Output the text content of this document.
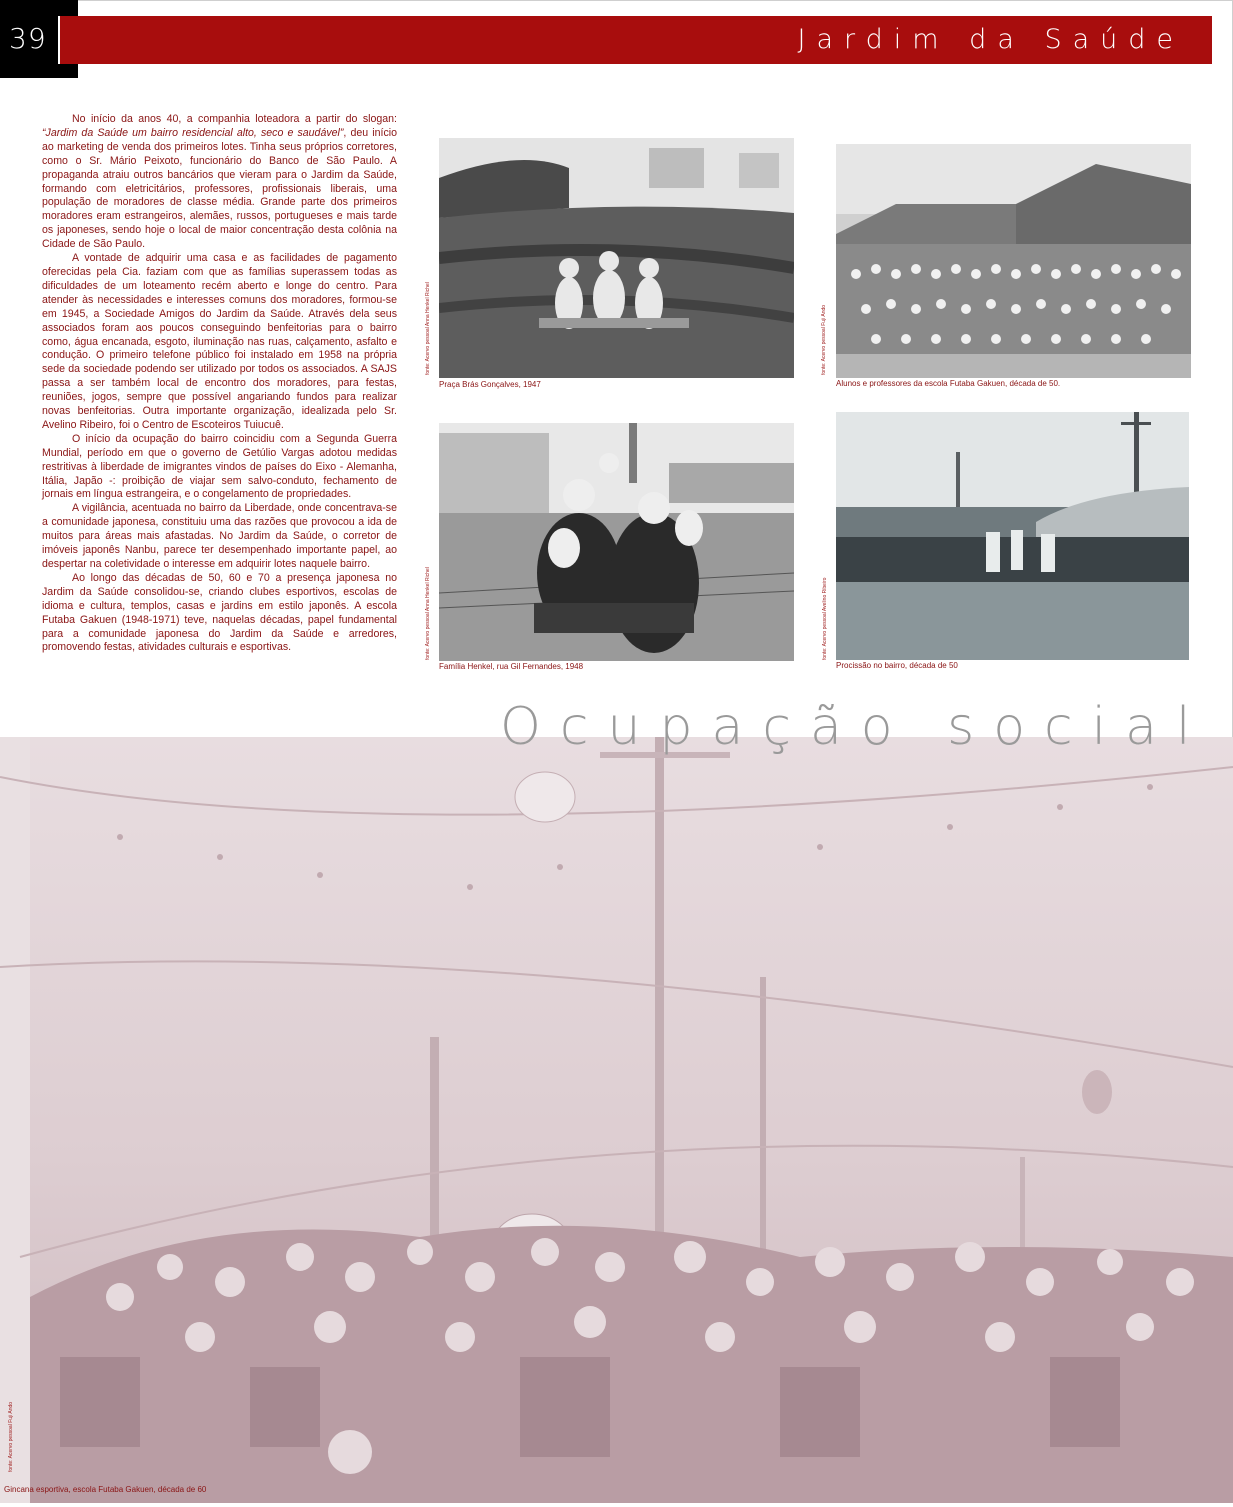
39	Jardim da Saúde

No início da anos 40, a companhia loteadora a partir do slogan: “Jardim da Saúde um bairro residencial alto, seco e saudável”, deu início ao marketing de venda dos primeiros lotes. Tinha seus próprios corretores, como o Sr. Mário Peixoto, funcionário do Banco de São Paulo. A propaganda atraiu outros bancários que vieram para o Jardim da Saúde, formando com eletricitários, professores, profissionais liberais, uma população de moradores de classe média. Grande parte dos primeiros moradores eram estrangeiros, alemães, russos, portugueses e mais tarde os japoneses, sendo hoje o local de maior concentração desta colônia na Cidade de São Paulo.

A vontade de adquirir uma casa e as facilidades de pagamento oferecidas pela Cia. faziam com que as famílias superassem todas as dificuldades de um loteamento recém aberto e longe do centro. Para atender às necessidades e interesses comuns dos moradores, formou-se em 1945, a Sociedade Amigos do Jardim da Saúde. Através dela seus associados foram aos poucos conseguindo benfeitorias para o bairro como, água encanada, esgoto, iluminação nas ruas, calçamento, asfalto e condução. O primeiro telefone público foi instalado em 1958 na própria sede da sociedade podendo ser utilizado por todos os associados. A SAJS passa a ser também local de encontro dos moradores, para festas, reuniões, jogos, sempre que possível angariando fundos para realizar novas benfeitorias. Outra importante organização, idealizada pelo Sr. Avelino Ribeiro, foi o Centro de Escoteiros Tuiucuê.

O início da ocupação do bairro coincidiu com a Segunda Guerra Mundial, período em que o governo de Getúlio Vargas adotou medidas restritivas à liberdade de imigrantes vindos de países do Eixo - Alemanha, Itália, Japão -: proibição de viajar sem salvo-conduto, fechamento de jornais em língua estrangeira, e o congelamento de propriedades.

A vigilância, acentuada no bairro da Liberdade, onde concentrava-se a comunidade japonesa, constituiu uma das razões que provocou a ida de muitos para áreas mais afastadas. No Jardim da Saúde, o corretor de imóveis japonês Nanbu, parece ter desempenhado importante papel, ao despertar na coletividade o interesse em adquirir lotes naquele bairro.

Ao longo das décadas de 50, 60 e 70 a presença japonesa no Jardim da Saúde consolidou-se, criando clubes esportivos, escolas de idioma e cultura, templos, casas e jardins em estilo japonês. A escola Futaba Gakuen (1948-1971) teve, naquelas décadas, papel fundamental para a comunidade japonesa do Jardim da Saúde e arredores, promovendo festas, atividades culturais e esportivas.

fonte: Acervo pessoal Anna Henkel Richel
Praça Brás Gonçalves, 1947
fonte: Acervo pessoal Fuji Ando
Alunos e professores da escola Futaba Gakuen, década de 50.
fonte: Acervo pessoal Anna Henkel Richel
Família Henkel, rua Gil Fernandes, 1948
fonte: Acervo pessoal Avelino Ribeiro
Procissão no bairro, década de 50
Ocupação social
fonte: Acervo pessoal Fuji Ando
Gincana esportiva, escola Futaba Gakuen, década de 60
